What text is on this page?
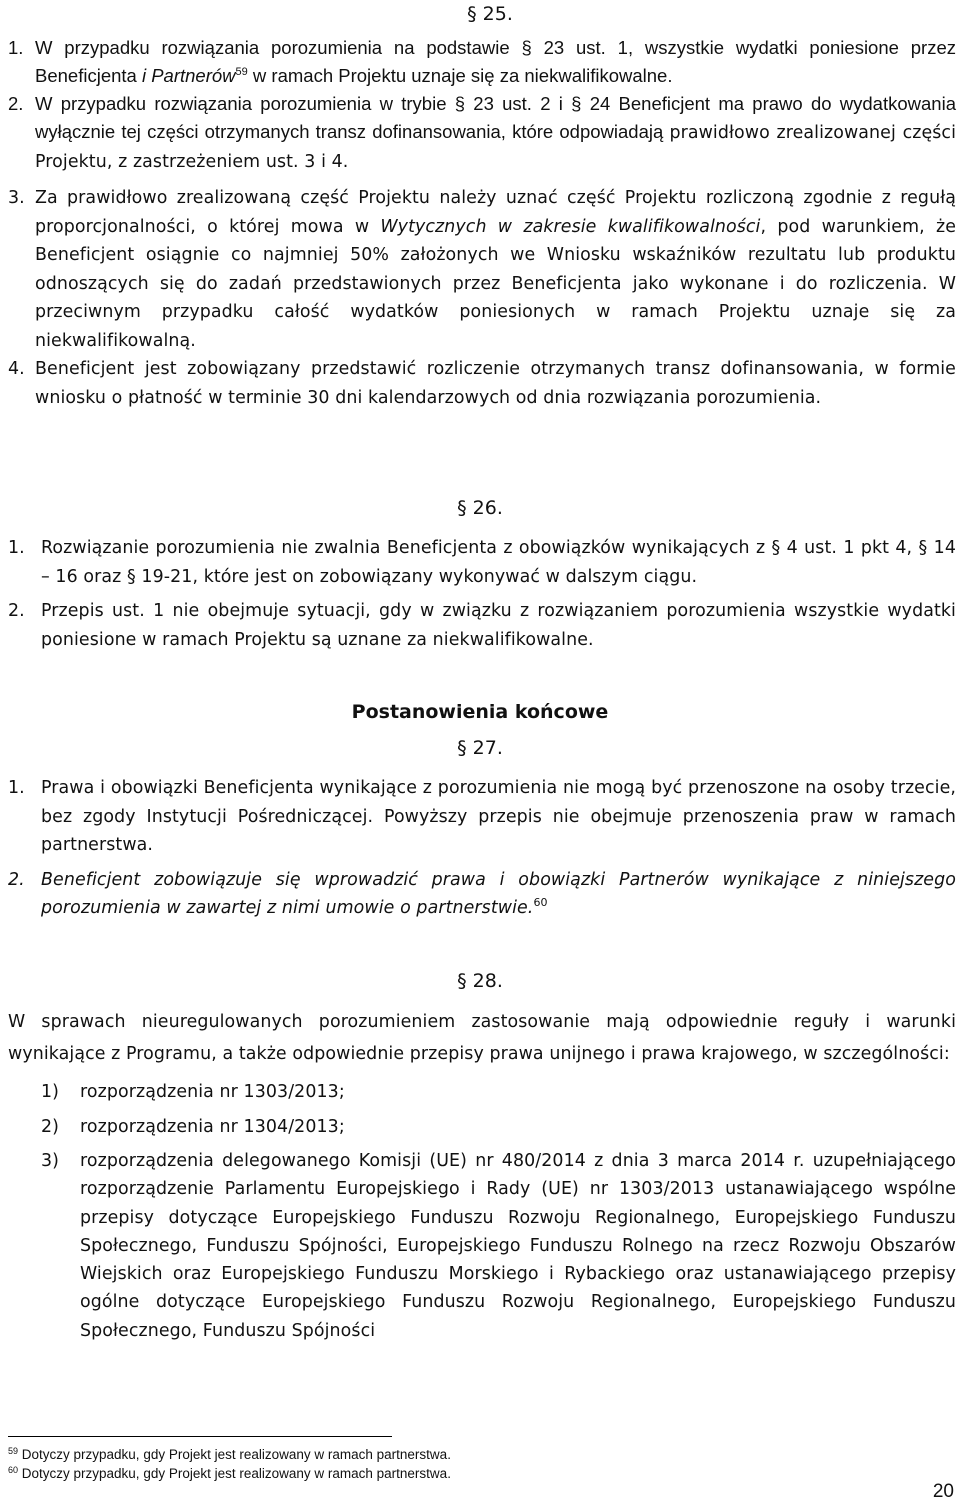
§ 25.
1. W przypadku rozwiązania porozumienia na podstawie § 23 ust. 1, wszystkie wydatki poniesione przez Beneficjenta i Partnerów$^{59}$ w ramach Projektu uznaje się za niekwalifikowalne.
2. W przypadku rozwiązania porozumienia w trybie § 23 ust. 2 i § 24 Beneficjent ma prawo do wydatkowania wyłącznie tej części otrzymanych transz dofinansowania, które odpowiadają prawidłowo zrealizowanej części Projektu, z zastrzeżeniem ust. 3 i 4.
3. Za prawidłowo zrealizowaną część Projektu należy uznać część Projektu rozliczoną zgodnie z regułą proporcjonalności, o której mowa w Wytycznych w zakresie kwalifikowalności, pod warunkiem, że Beneficjent osiągnie co najmniej 50% założonych we Wniosku wskaźników rezultatu lub produktu odnoszących się do zadań przedstawionych przez Beneficjenta jako wykonane i do rozliczenia. W przeciwnym przypadku całość wydatków poniesionych w ramach Projektu uznaje się za niekwalifikowalną.
4. Beneficjent jest zobowiązany przedstawić rozliczenie otrzymanych transz dofinansowania, w formie wniosku o płatność w terminie 30 dni kalendarzowych od dnia rozwiązania porozumienia.
§ 26.
1. Rozwiązanie porozumienia nie zwalnia Beneficjenta z obowiązków wynikających z § 4 ust. 1 pkt 4, § 14 – 16 oraz § 19-21, które jest on zobowiązany wykonywać w dalszym ciągu.
2. Przepis ust. 1 nie obejmuje sytuacji, gdy w związku z rozwiązaniem porozumienia wszystkie wydatki poniesione w ramach Projektu są uznane za niekwalifikowalne.
Postanowienia końcowe
§ 27.
1. Prawa i obowiązki Beneficjenta wynikające z porozumienia nie mogą być przenoszone na osoby trzecie, bez zgody Instytucji Pośredniczącej. Powyższy przepis nie obejmuje przenoszenia praw w ramach partnerstwa.
2. Beneficjent zobowiązuje się wprowadzić prawa i obowiązki Partnerów wynikające z niniejszego porozumienia w zawartej z nimi umowie o partnerstwie.$^{60}$
§ 28.

W sprawach nieuregulowanych porozumieniem zastosowanie mają odpowiednie reguły i warunki wynikające z Programu, a także odpowiednie przepisy prawa unijnego i prawa krajowego, w szczególności:

1) rozporządzenia nr 1303/2013;
2) rozporządzenia nr 1304/2013;
3) rozporządzenia delegowanego Komisji (UE) nr 480/2014 z dnia 3 marca 2014 r. uzupełniającego rozporządzenie Parlamentu Europejskiego i Rady (UE) nr 1303/2013 ustanawiającego wspólne przepisy dotyczące Europejskiego Funduszu Rozwoju Regionalnego, Europejskiego Funduszu Społecznego, Funduszu Spójności, Europejskiego Funduszu Rolnego na rzecz Rozwoju Obszarów Wiejskich oraz Europejskiego Funduszu Morskiego i Rybackiego oraz ustanawiającego przepisy ogólne dotyczące Europejskiego Funduszu Rozwoju Regionalnego, Europejskiego Funduszu Społecznego, Funduszu Spójności
$^{59}$ Dotyczy przypadku, gdy Projekt jest realizowany w ramach partnerstwa.
$^{60}$ Dotyczy przypadku, gdy Projekt jest realizowany w ramach partnerstwa.
20
